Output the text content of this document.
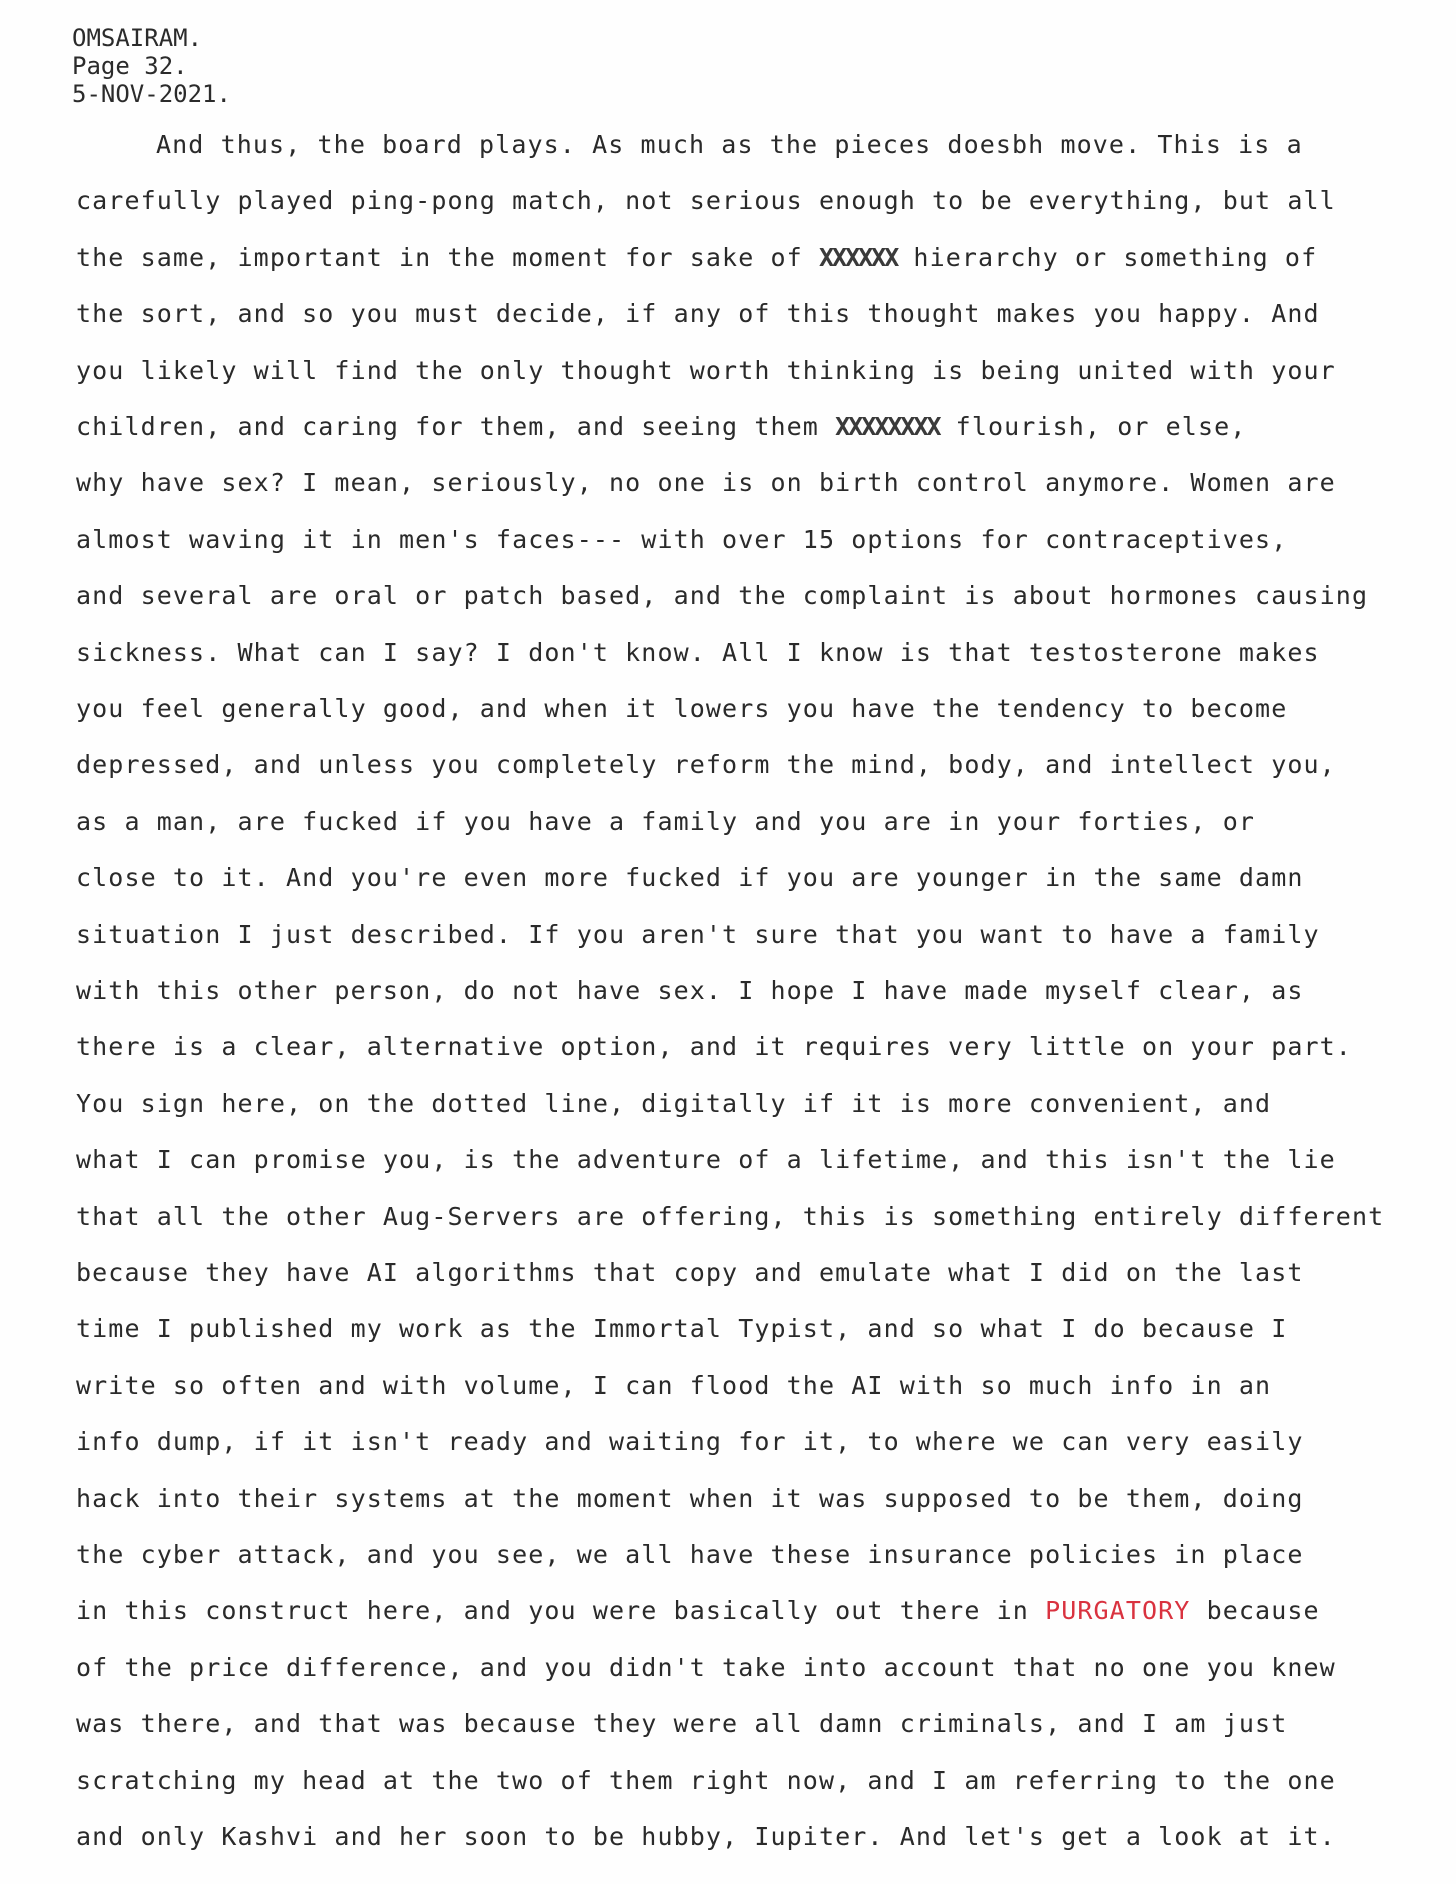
OMSAIRAM.
Page 32.
5-NOV-2021.
And thus, the board plays. As much as the pieces doesbh move. This is a
carefully played ping-pong match, not serious enough to be everything, but all
the same, important in the moment for sake of XXXXXX hierarchy or something of
the sort, and so you must decide, if any of this thought makes you happy. And
you likely will find the only thought worth thinking is being united with your
children, and caring for them, and seeing them XXXXXXXX flourish, or else,
why have sex? I mean, seriously, no one is on birth control anymore. Women are
almost waving it in men's faces--- with over 15 options for contraceptives,
and several are oral or patch based, and the complaint is about hormones causing
sickness. What can I say? I don't know. All I know is that testosterone makes
you feel generally good, and when it lowers you have the tendency to become
depressed, and unless you completely reform the mind, body, and intellect you,
as a man, are fucked if you have a family and you are in your forties, or
close to it. And you're even more fucked if you are younger in the same damn
situation I just described. If you aren't sure that you want to have a family
with this other person, do not have sex. I hope I have made myself clear, as
there is a clear, alternative option, and it requires very little on your part.
You sign here, on the dotted line, digitally if it is more convenient, and
what I can promise you, is the adventure of a lifetime, and this isn't the lie
that all the other Aug-Servers are offering, this is something entirely different
because they have AI algorithms that copy and emulate what I did on the last
time I published my work as the Immortal Typist, and so what I do because I
write so often and with volume, I can flood the AI with so much info in an
info dump, if it isn't ready and waiting for it, to where we can very easily
hack into their systems at the moment when it was supposed to be them, doing
the cyber attack, and you see, we all have these insurance policies in place
in this construct here, and you were basically out there in PURGATORY because
of the price difference, and you didn't take into account that no one you knew
was there, and that was because they were all damn criminals, and I am just
scratching my head at the two of them right now, and I am referring to the one
and only Kashvi and her soon to be hubby, Iupiter. And let's get a look at it.
